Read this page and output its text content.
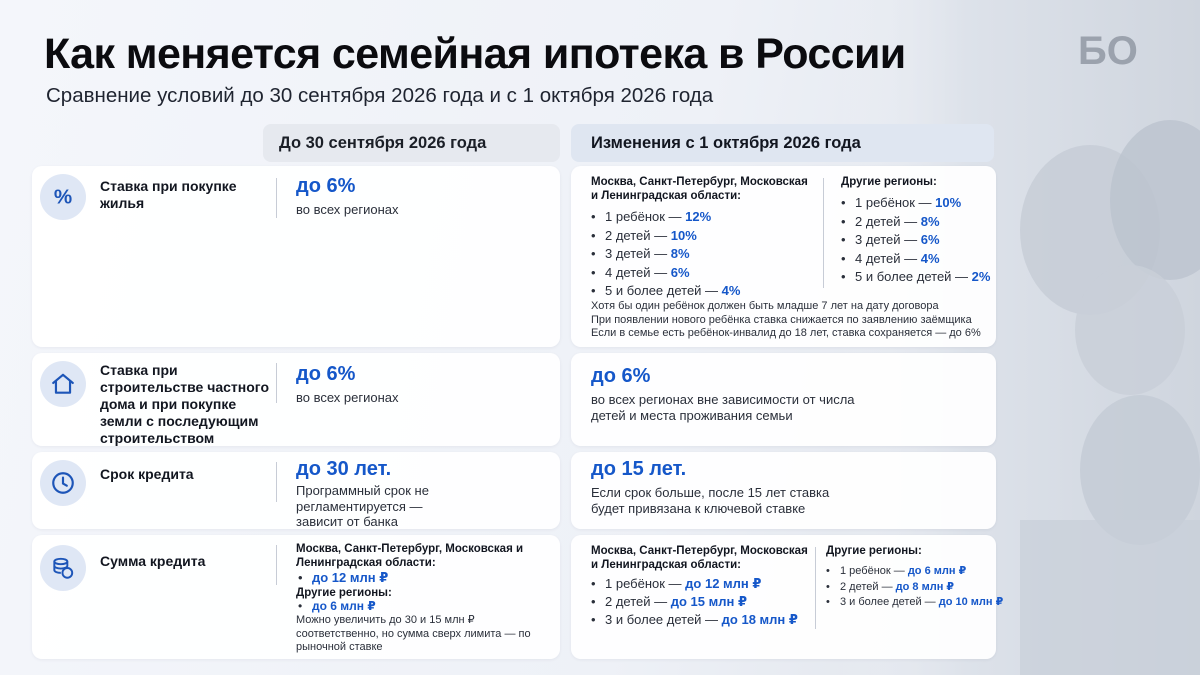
Как меняется семейная ипотека в России
Сравнение условий до 30 сентября 2026 года и с 1 октября 2026 года
БО
До 30 сентября 2026 года	Изменения с 1 октября 2026 года
% Ставка при покупке жилья
до 6%
во всех регионах
Москва, Санкт-Петербург, Московская и Ленинградская области:
• 1 ребёнок — 12%
• 2 детей — 10%
• 3 детей — 8%
• 4 детей — 6%
• 5 и более детей — 4%
Другие регионы:
• 1 ребёнок — 10%
• 2 детей — 8%
• 3 детей — 6%
• 4 детей — 4%
• 5 и более детей — 2%
Хотя бы один ребёнок должен быть младше 7 лет на дату договора
При появлении нового ребёнка ставка снижается по заявлению заёмщика
Если в семье есть ребёнок-инвалид до 18 лет, ставка сохраняется — до 6%
Ставка при строительстве частного дома и при покупке земли с последующим строительством
до 6%
во всех регионах
до 6%
во всех регионах вне зависимости от числа детей и места проживания семьи
Срок кредита	до 30 лет.
Программный срок не регламентируется — зависит от банка
до 15 лет.
Если срок больше, после 15 лет ставка будет привязана к ключевой ставке
Сумма кредита
Москва, Санкт-Петербург, Московская и Ленинградская области:
• до 12 млн ₽
Другие регионы:
• до 6 млн ₽
Можно увеличить до 30 и 15 млн ₽ соответственно, но сумма сверх лимита — по рыночной ставке
Москва, Санкт-Петербург, Московская и Ленинградская области:
• 1 ребёнок — до 12 млн ₽
• 2 детей — до 15 млн ₽
• 3 и более детей — до 18 млн ₽
Другие регионы:
• 1 ребёнок — до 6 млн ₽
• 2 детей — до 8 млн ₽
• 3 и более детей — до 10 млн ₽
